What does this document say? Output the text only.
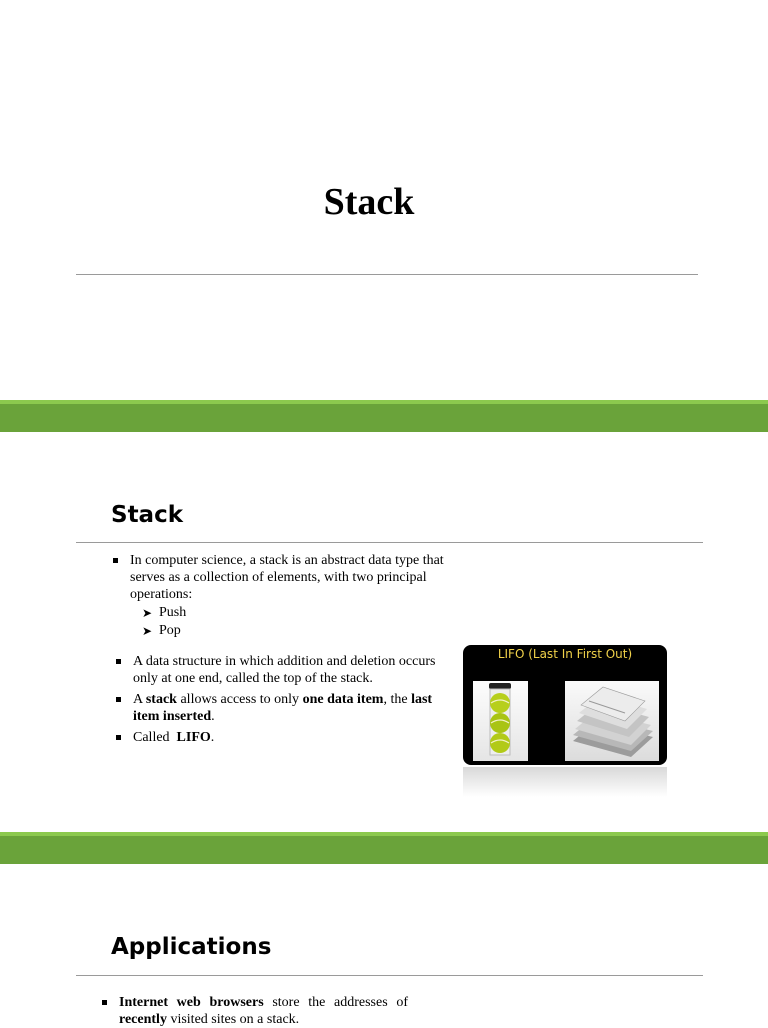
Stack
Stack
In computer science, a stack is an abstract data type that serves as a collection of elements, with two principal operations:
➤ Push
➤ Pop
A data structure in which addition and deletion occurs only at one end, called the top of the stack.
A stack allows access to only one data item, the last item inserted.
Called  LIFO.
LIFO (Last In First Out)
Applications
Internet web browsers store the addresses of recently visited sites on a stack.
